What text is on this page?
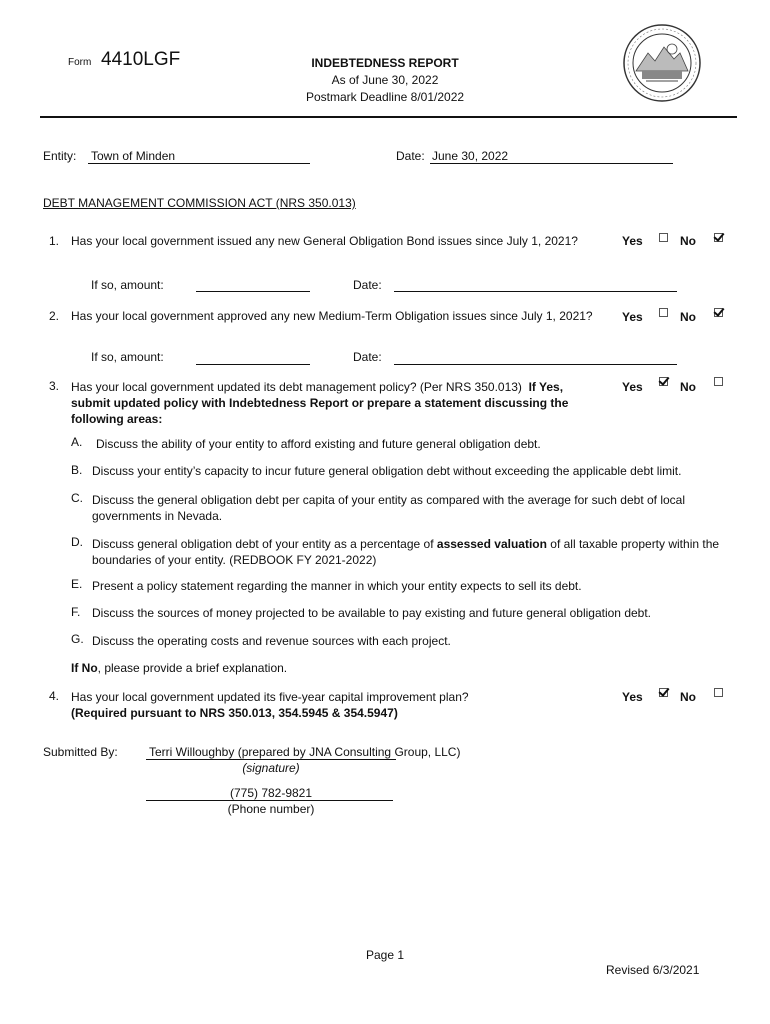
Form 4410LGF	INDEBTEDNESS REPORT
As of June 30, 2022
Postmark Deadline 8/01/2022
Entity: Town of Minden	Date: June 30, 2022
DEBT MANAGEMENT COMMISSION ACT (NRS 350.013)
1. Has your local government issued any new General Obligation Bond issues since July 1, 2021?	Yes	No
If so, amount:	Date:
2. Has your local government approved any new Medium-Term Obligation issues since July 1, 2021? Yes	No
If so, amount:	Date:
3. Has your local government updated its debt management policy? (Per NRS 350.013) If Yes,
submit updated policy with Indebtedness Report or prepare a statement discussing the
following areas:
Yes	No
A. Discuss the ability of your entity to afford existing and future general obligation debt.
B. Discuss your entity’s capacity to incur future general obligation debt without exceeding the applicable debt limit.
C. Discuss the general obligation debt per capita of your entity as compared with the average for such debt of local
governments in Nevada.
D. Discuss general obligation debt of your entity as a percentage of assessed valuation of all taxable property within the
boundaries of your entity. (REDBOOK FY 2021-2022)
E. Present a policy statement regarding the manner in which your entity expects to sell its debt.
F. Discuss the sources of money projected to be available to pay existing and future general obligation debt.
G. Discuss the operating costs and revenue sources with each project.
If No, please provide a brief explanation.
4. Has your local government updated its five-year capital improvement plan?
(Required pursuant to NRS 350.013, 354.5945 & 354.5947)
Yes	No
Submitted By:	Terri Willoughby (prepared by JNA Consulting Group, LLC)
(signature)
(775) 782-9821
(Phone number)
Page 1
Revised 6/3/2021
